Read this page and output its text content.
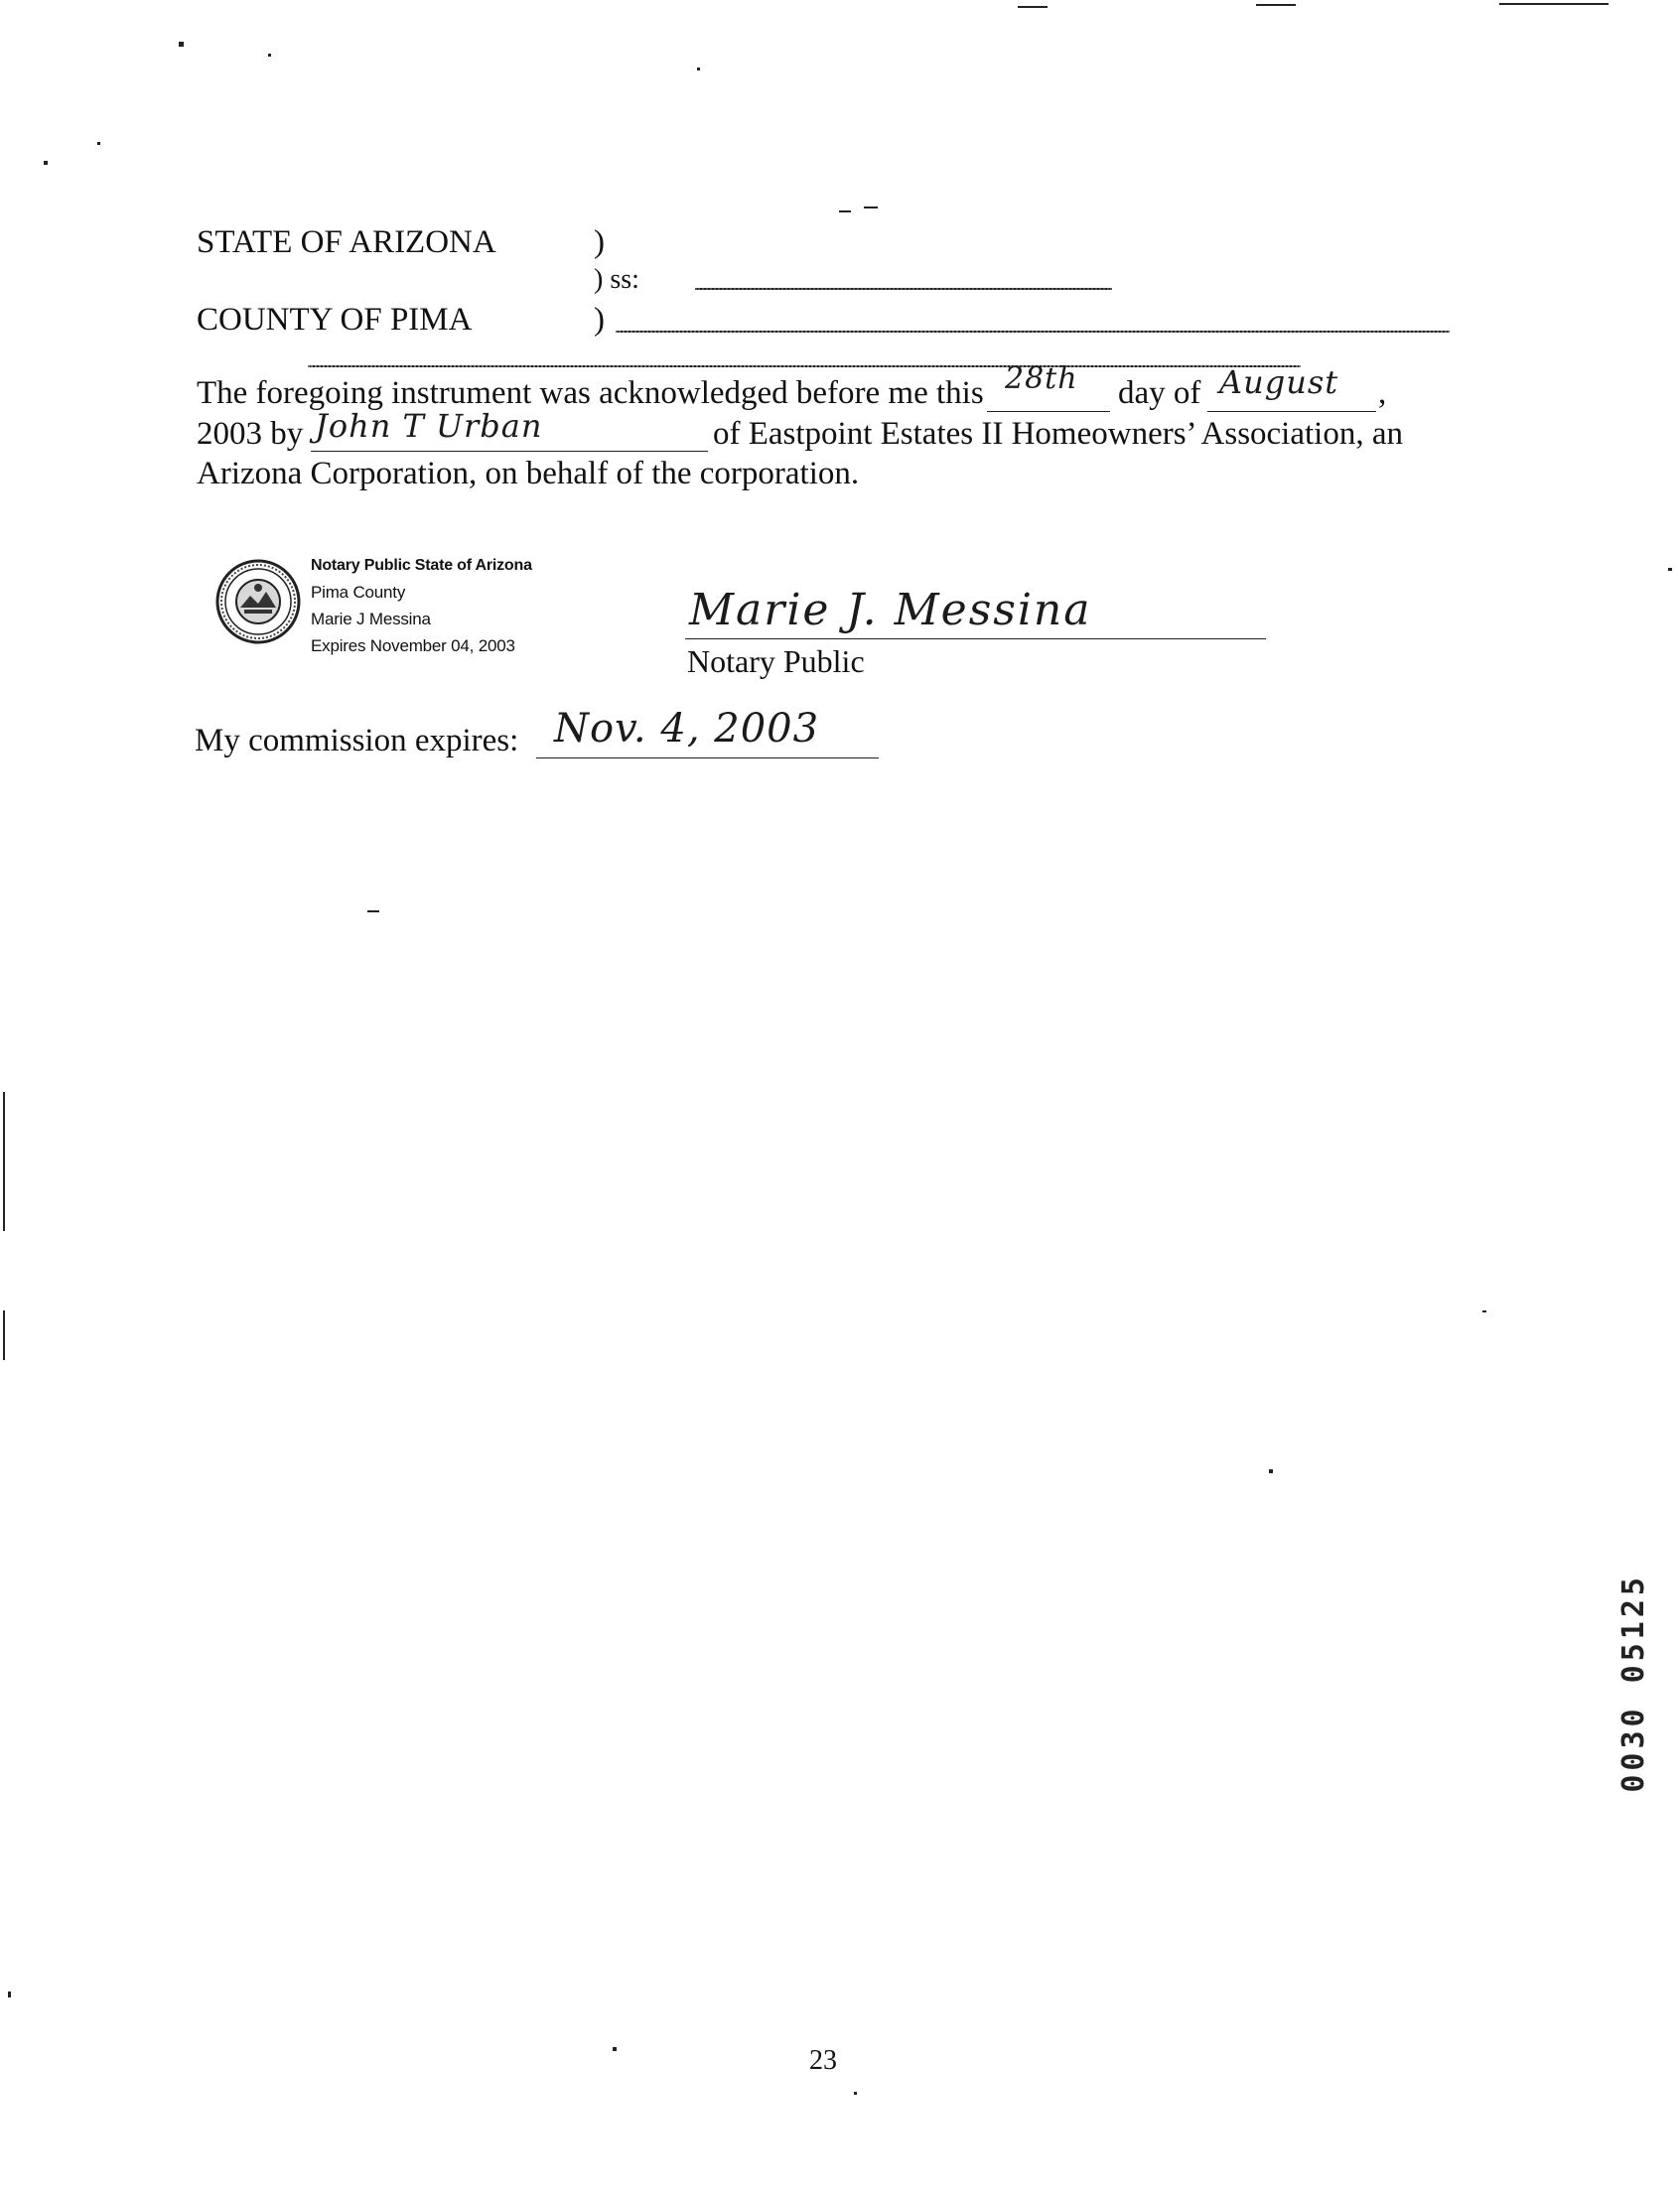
STATE OF ARIZONA	)
) ss:
COUNTY OF PIMA	)
The foregoing instrument was acknowledged before me this 28th day of August ,
2003 by John T Urban	of Eastpoint Estates II Homeowners’ Association, an
Arizona Corporation, on behalf of the corporation.
Notary Public State of Arizona
Pima County
Marie J Messina
Expires November 04, 2003
Marie J. Messina
Notary Public
My commission expires: Nov. 4, 2003
0030 05125
23
